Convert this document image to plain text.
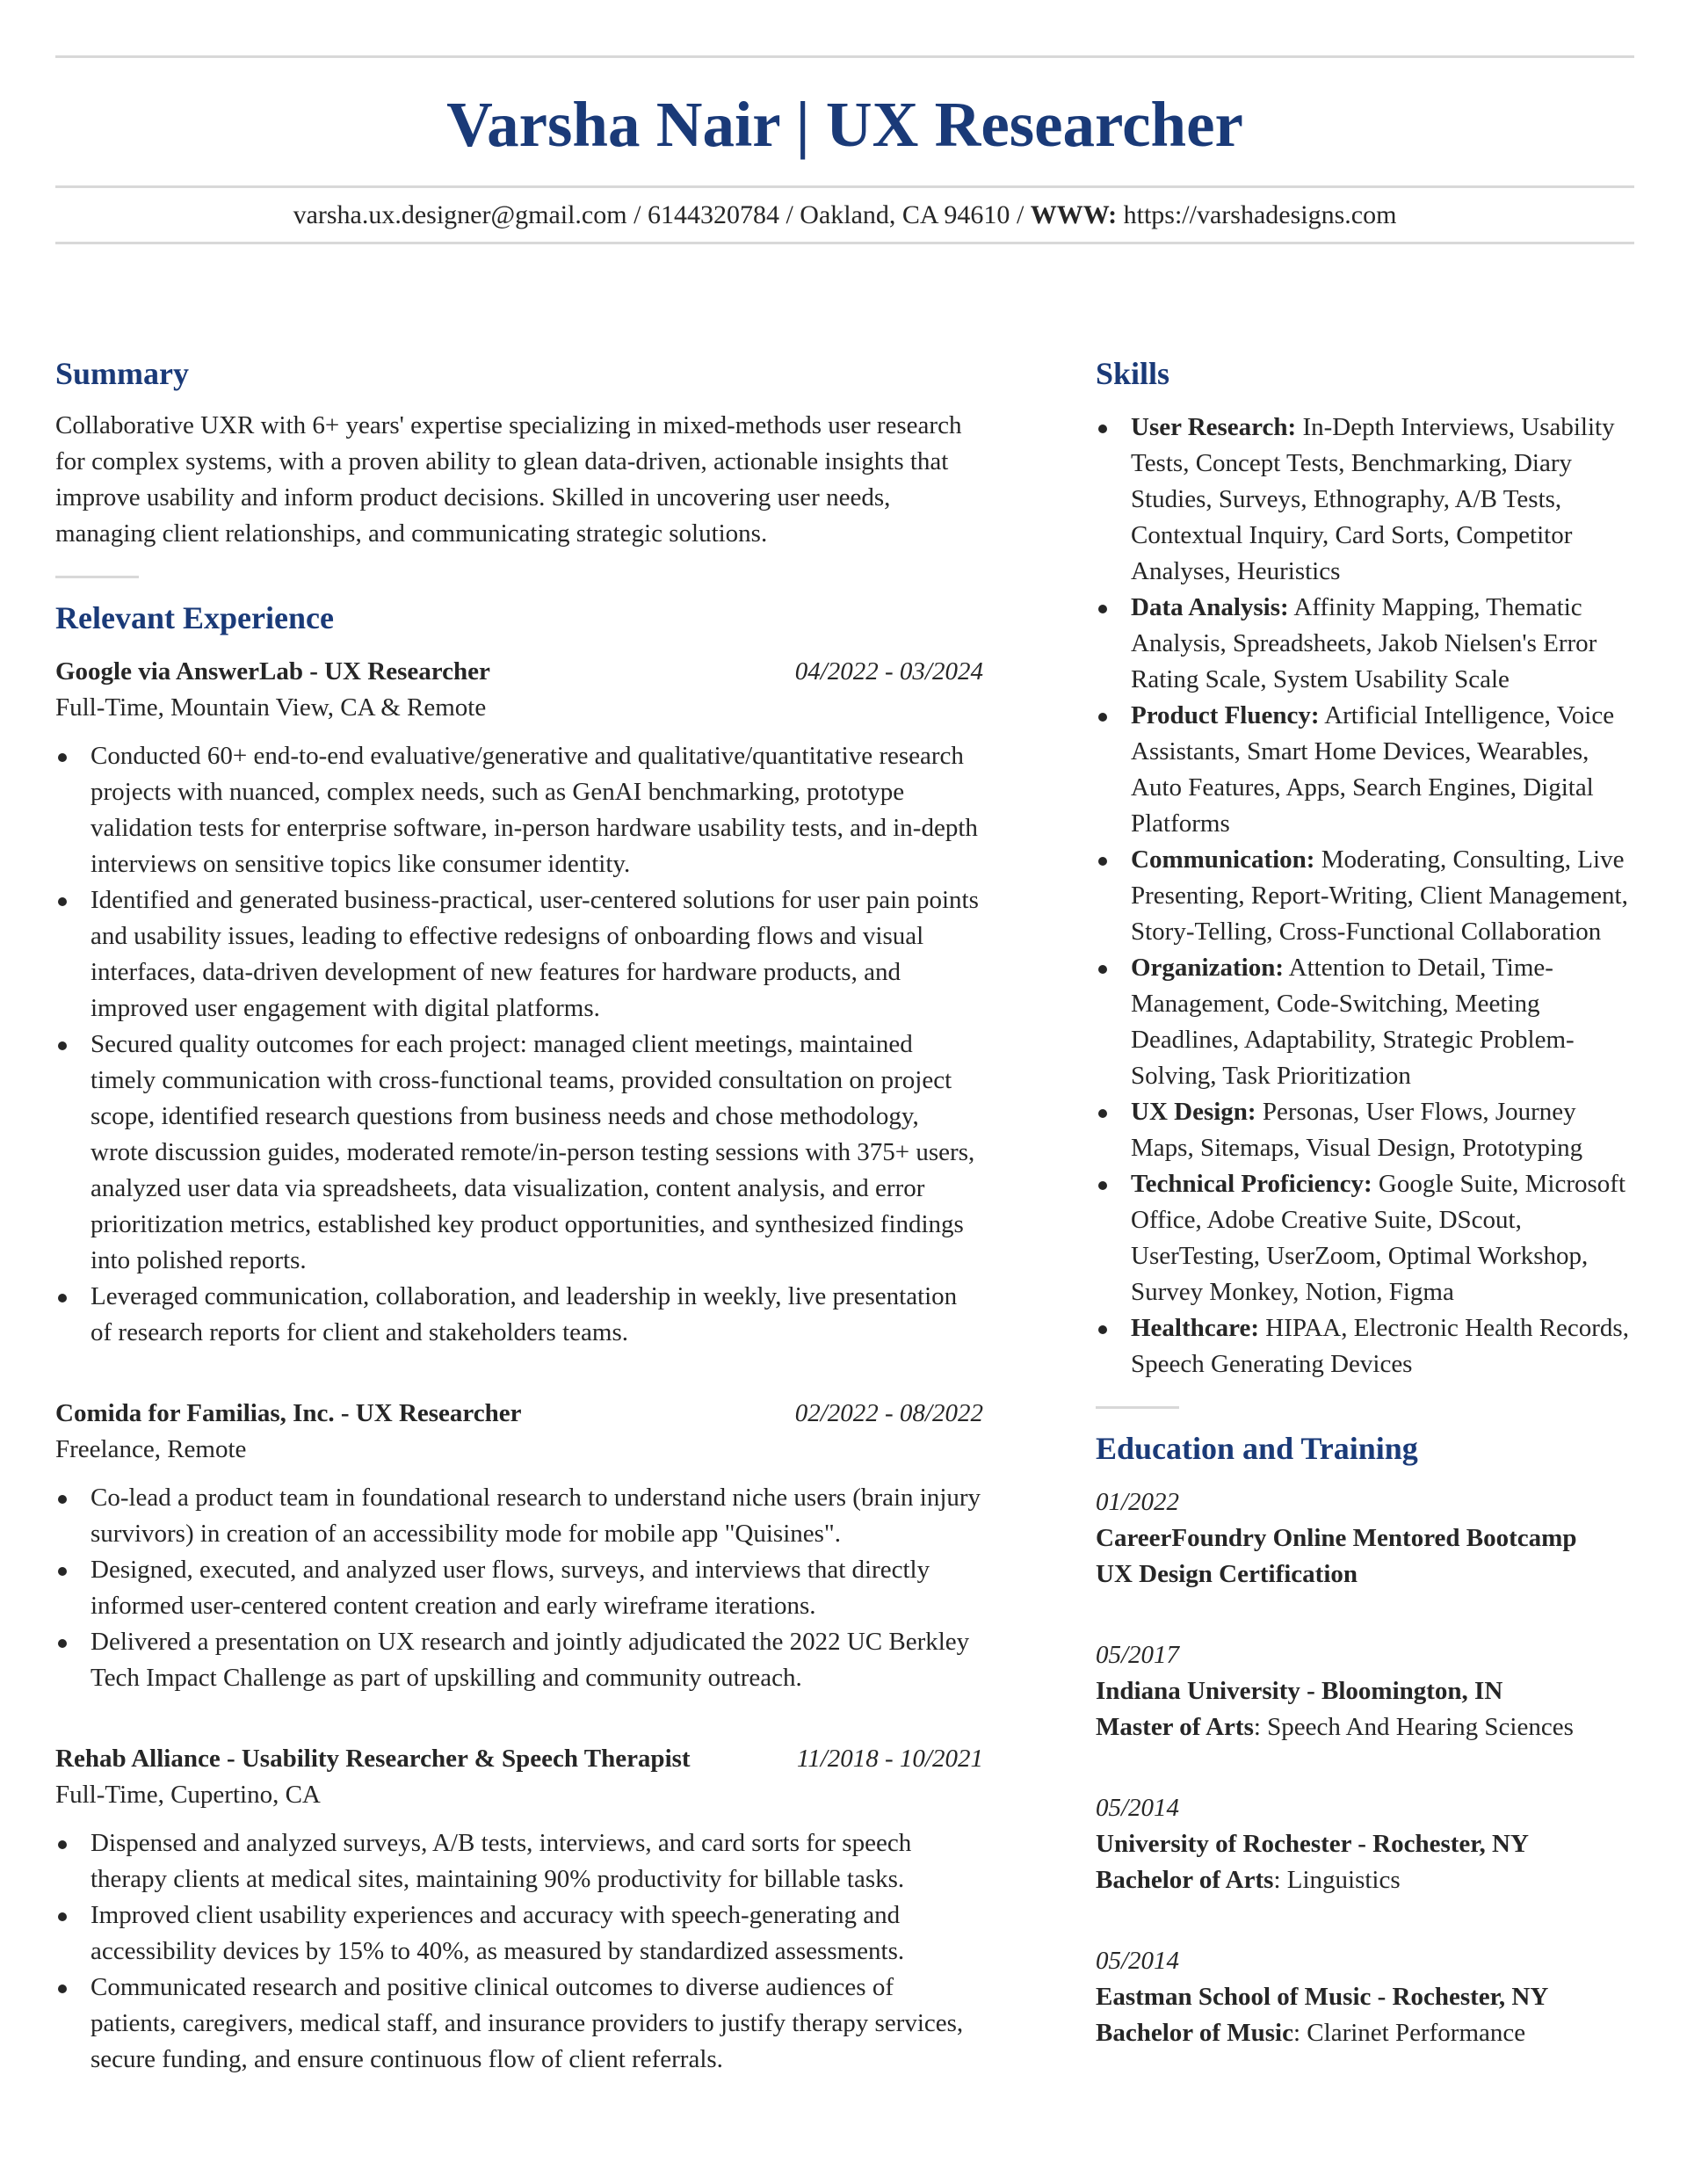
Varsha Nair | UX Researcher
varsha.ux.designer@gmail.com / 6144320784 / Oakland, CA 94610 / WWW: https://varshadesigns.com
Summary

Collaborative UXR with 6+ years' expertise specializing in mixed-methods user research for complex systems, with a proven ability to glean data-driven, actionable insights that improve usability and inform product decisions. Skilled in uncovering user needs, managing client relationships, and communicating strategic solutions.

Relevant Experience
Google via AnswerLab - UX Researcher	04/2022 - 03/2024
Full-Time, Mountain View, CA & Remote
Conducted 60+ end-to-end evaluative/generative and qualitative/quantitative research projects with nuanced, complex needs, such as GenAI benchmarking, prototype validation tests for enterprise software, in-person hardware usability tests, and in-depth interviews on sensitive topics like consumer identity.
Identified and generated business-practical, user-centered solutions for user pain points and usability issues, leading to effective redesigns of onboarding flows and visual interfaces, data-driven development of new features for hardware products, and improved user engagement with digital platforms.
Secured quality outcomes for each project: managed client meetings, maintained timely communication with cross-functional teams, provided consultation on project scope, identified research questions from business needs and chose methodology, wrote discussion guides, moderated remote/in-person testing sessions with 375+ users, analyzed user data via spreadsheets, data visualization, content analysis, and error prioritization metrics, established key product opportunities, and synthesized findings into polished reports.
Leveraged communication, collaboration, and leadership in weekly, live presentation of research reports for client and stakeholders teams.
Comida for Familias, Inc. - UX Researcher	02/2022 - 08/2022
Freelance, Remote
Co-lead a product team in foundational research to understand niche users (brain injury survivors) in creation of an accessibility mode for mobile app "Quisines".
Designed, executed, and analyzed user flows, surveys, and interviews that directly informed user-centered content creation and early wireframe iterations.
Delivered a presentation on UX research and jointly adjudicated the 2022 UC Berkley Tech Impact Challenge as part of upskilling and community outreach.
Rehab Alliance - Usability Researcher & Speech Therapist	11/2018 - 10/2021
Full-Time, Cupertino, CA
Dispensed and analyzed surveys, A/B tests, interviews, and card sorts for speech therapy clients at medical sites, maintaining 90% productivity for billable tasks.
Improved client usability experiences and accuracy with speech-generating and accessibility devices by 15% to 40%, as measured by standardized assessments.
Communicated research and positive clinical outcomes to diverse audiences of patients, caregivers, medical staff, and insurance providers to justify therapy services, secure funding, and ensure continuous flow of client referrals.
Skills
User Research: In-Depth Interviews, Usability Tests, Concept Tests, Benchmarking, Diary Studies, Surveys, Ethnography, A/B Tests, Contextual Inquiry, Card Sorts, Competitor Analyses, Heuristics
Data Analysis: Affinity Mapping, Thematic Analysis, Spreadsheets, Jakob Nielsen's Error Rating Scale, System Usability Scale
Product Fluency: Artificial Intelligence, Voice Assistants, Smart Home Devices, Wearables, Auto Features, Apps, Search Engines, Digital Platforms
Communication: Moderating, Consulting, Live Presenting, Report-Writing, Client Management, Story-Telling, Cross-Functional Collaboration
Organization: Attention to Detail, Time-Management, Code-Switching, Meeting Deadlines, Adaptability, Strategic Problem-Solving, Task Prioritization
UX Design: Personas, User Flows, Journey Maps, Sitemaps, Visual Design, Prototyping
Technical Proficiency: Google Suite, Microsoft Office, Adobe Creative Suite, DScout, UserTesting, UserZoom, Optimal Workshop, Survey Monkey, Notion, Figma
Healthcare: HIPAA, Electronic Health Records, Speech Generating Devices
Education and Training
01/2022
CareerFoundry Online Mentored Bootcamp
UX Design Certification
05/2017
Indiana University - Bloomington, IN
Master of Arts: Speech And Hearing Sciences
05/2014
University of Rochester - Rochester, NY
Bachelor of Arts: Linguistics
05/2014
Eastman School of Music - Rochester, NY
Bachelor of Music: Clarinet Performance
